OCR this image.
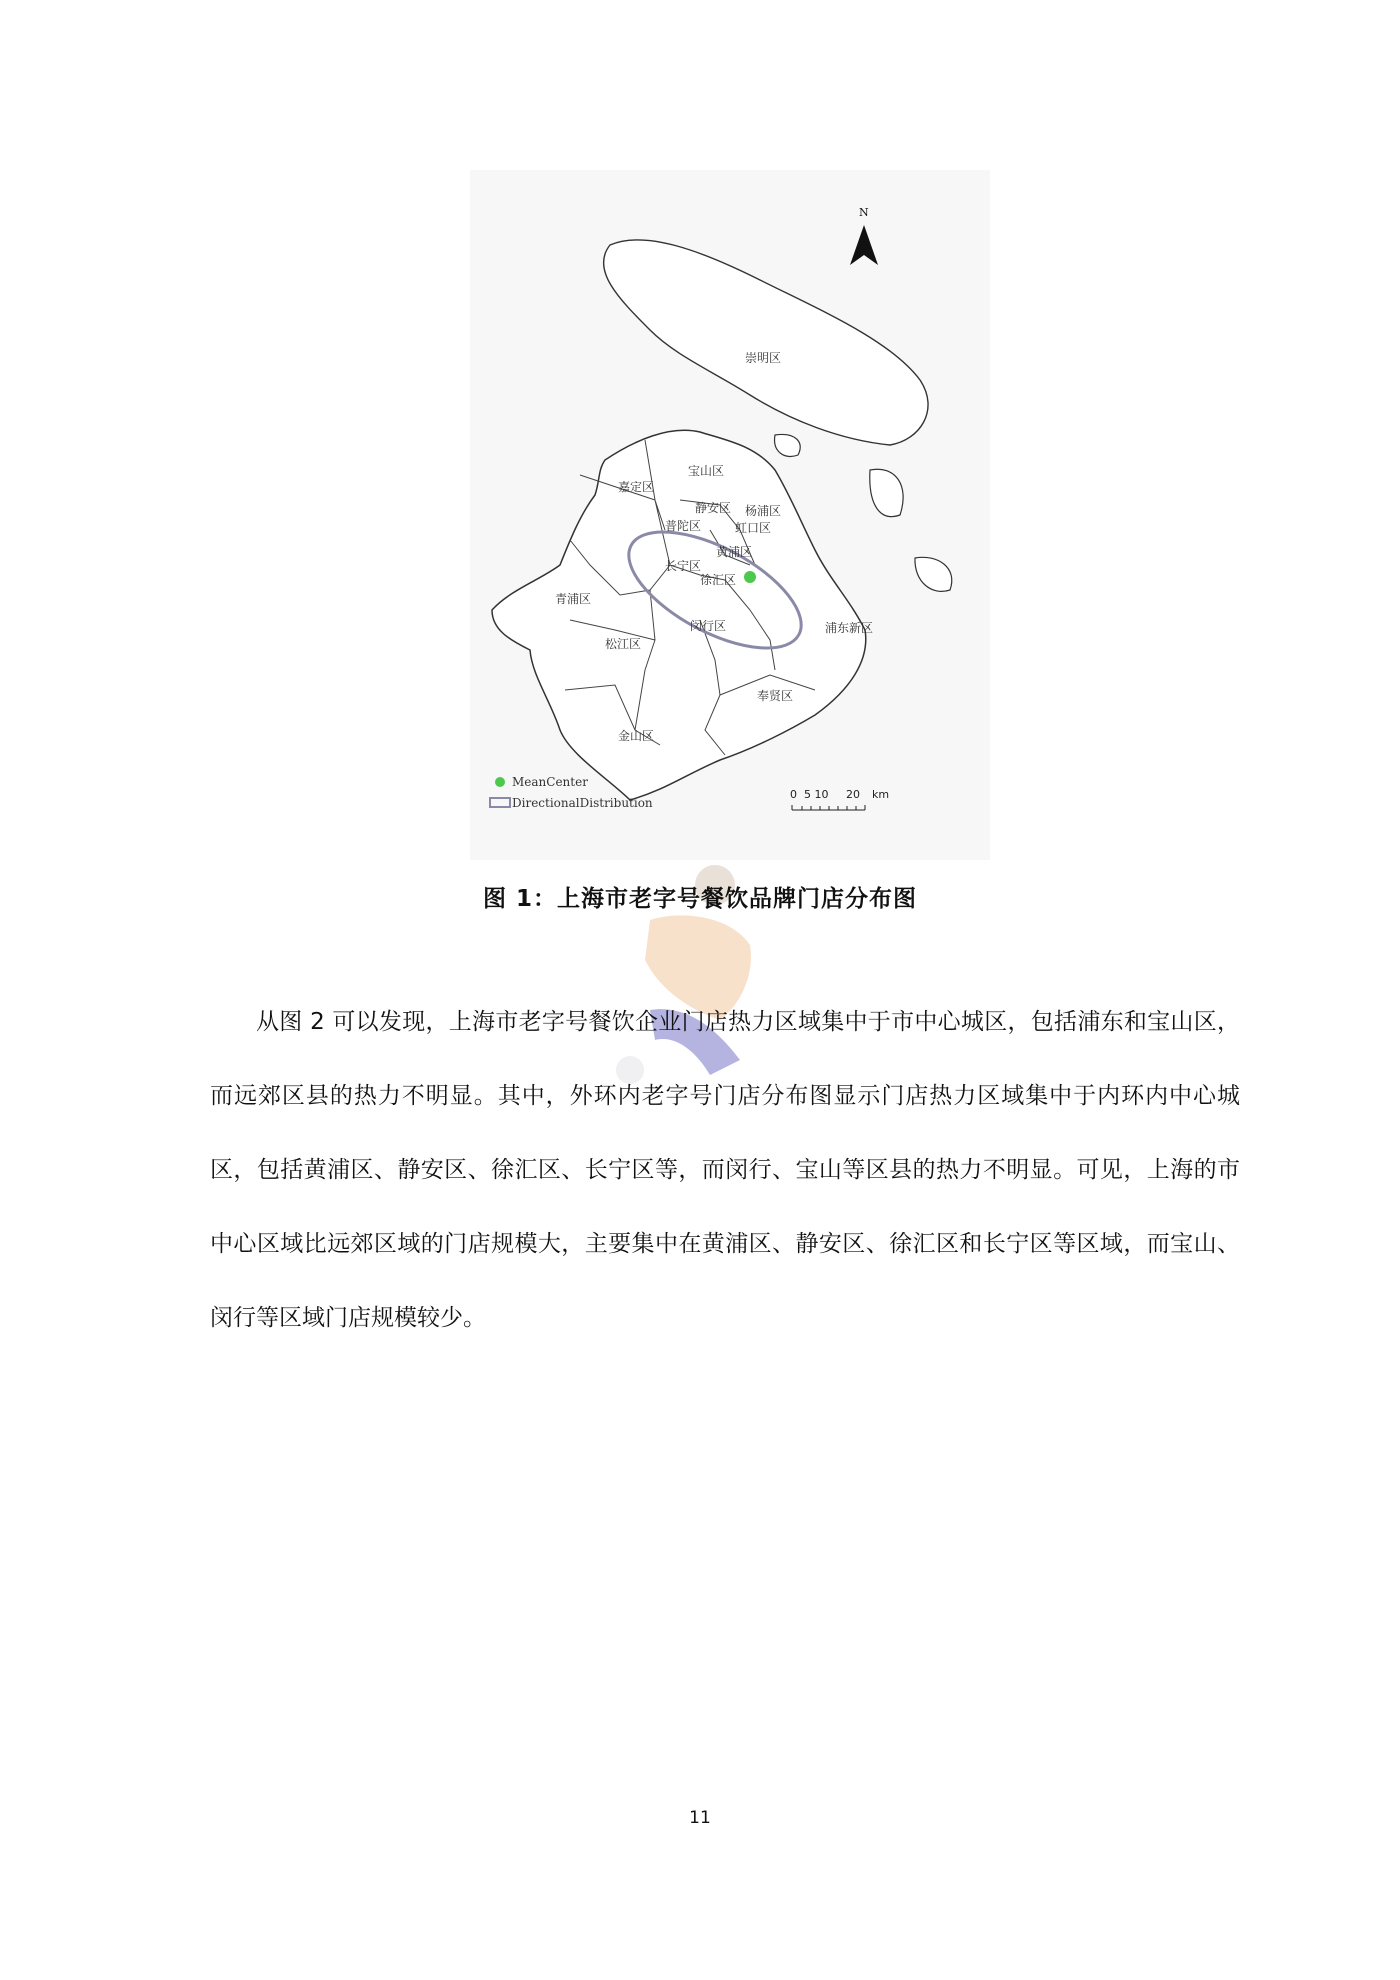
N
崇明区
宝山区
嘉定区
静安区 杨浦区
普陀区	虹口区
长宁区
黄浦区
徐汇区
青浦区
闵行区	浦东新区
松江区
奉贤区
金山区
MeanCenter
DirectionalDistribution
0  5 10     20 km
图 1：上海市老字号餐饮品牌门店分布图

从图 2 可以发现，上海市老字号餐饮企业门店热力区域集中于市中心城区，包括浦东和宝山区，而远郊区县的热力不明显。其中，外环内老字号门店分布图显示门店热力区域集中于内环内中心城区，包括黄浦区、静安区、徐汇区、长宁区等，而闵行、宝山等区县的热力不明显。可见，上海的市中心区域比远郊区域的门店规模大，主要集中在黄浦区、静安区、徐汇区和长宁区等区域，而宝山、闵行等区域门店规模较少。

11
